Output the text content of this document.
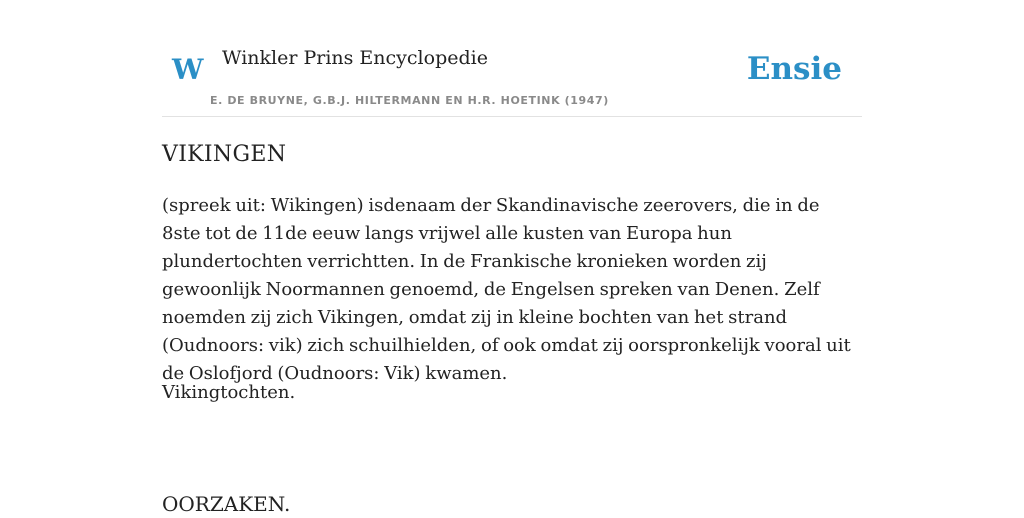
W Winkler Prins Encyclopedie
E. DE BRUYNE, G.B.J. HILTERMANN EN H.R. HOETINK (1947)
Ensie
VIKINGEN

(spreek uit: Wikingen) isdenaam der Skandinavische zeerovers, die in de 8ste tot de 11de eeuw langs vrijwel alle kusten van Europa hun plundertochten verrichtten. In de Frankische kronieken worden zij gewoonlijk Noormannen genoemd, de Engelsen spreken van Denen. Zelf noemden zij zich Vikingen, omdat zij in kleine bochten van het strand (Oudnoors: vik) zich schuilhielden, of ook omdat zij oorspronkelijk vooral uit de Oslofjord (Oudnoors: Vik) kwamen.

Vikingtochten.
OORZAKEN.
